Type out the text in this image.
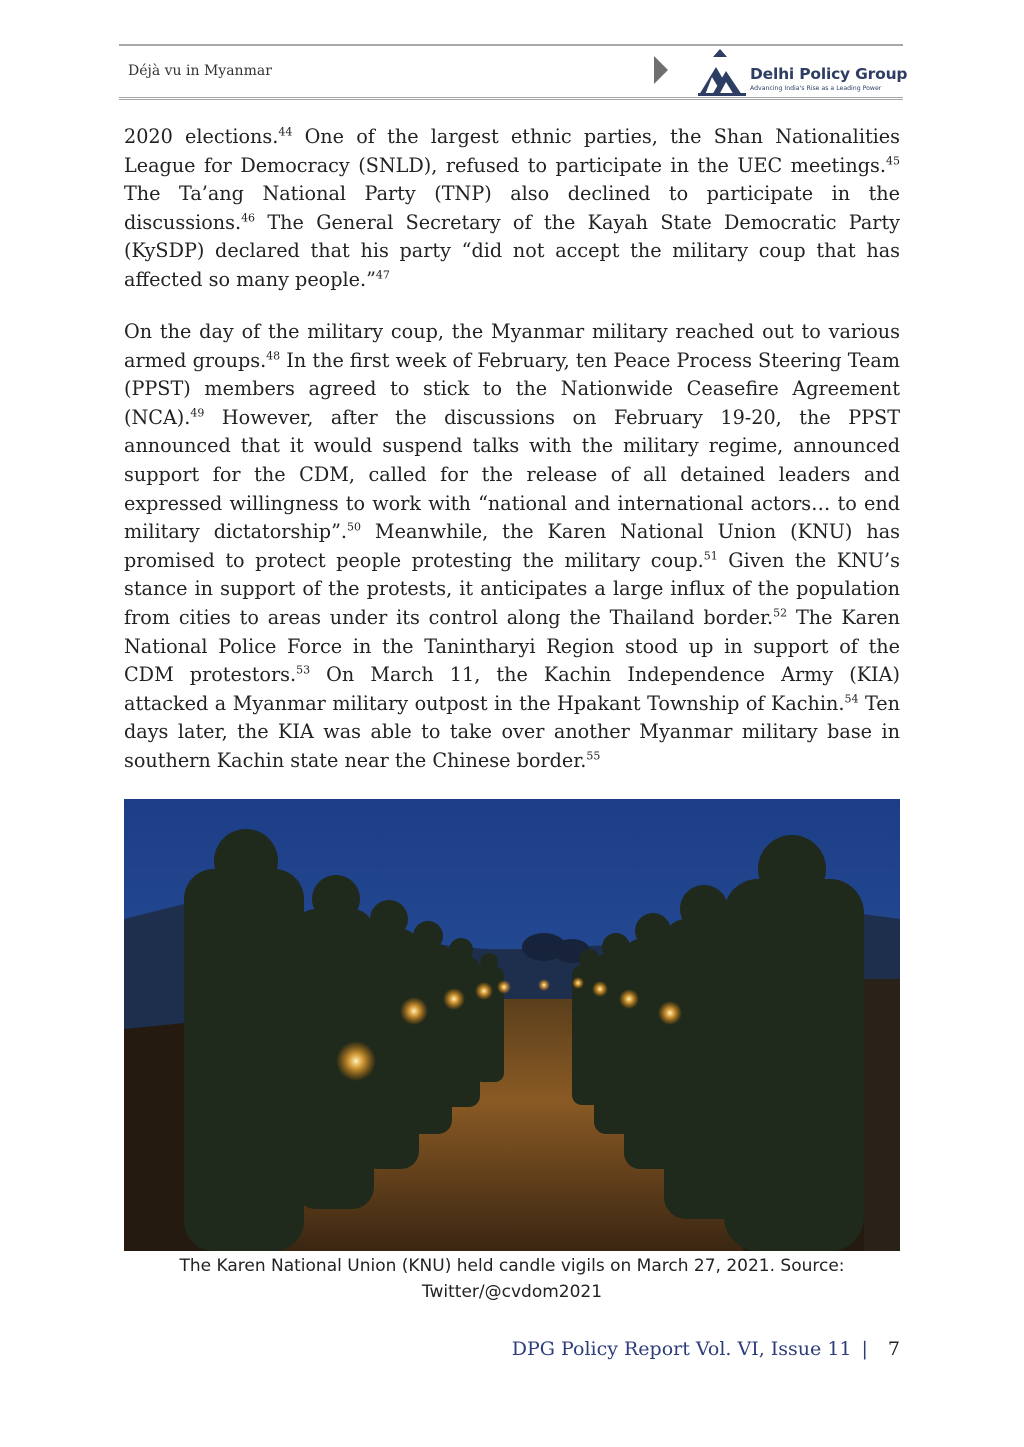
Déjà vu in Myanmar	Delhi Policy Group
Advancing India's Rise as a Leading Power

2020 elections.$^{44}$ One of the largest ethnic parties, the Shan Nationalities League for Democracy (SNLD), refused to participate in the UEC meetings.$^{45}$ The Ta’ang National Party (TNP) also declined to participate in the discussions.$^{46}$ The General Secretary of the Kayah State Democratic Party (KySDP) declared that his party “did not accept the military coup that has affected so many people.”$^{47}$

On the day of the military coup, the Myanmar military reached out to various armed groups.$^{48}$ In the first week of February, ten Peace Process Steering Team (PPST) members agreed to stick to the Nationwide Ceasefire Agreement (NCA).$^{49}$ However, after the discussions on February 19-20, the PPST announced that it would suspend talks with the military regime, announced support for the CDM, called for the release of all detained leaders and expressed willingness to work with “national and international actors… to end military dictatorship”.$^{50}$ Meanwhile, the Karen National Union (KNU) has promised to protect people protesting the military coup.$^{51}$ Given the KNU’s stance in support of the protests, it anticipates a large influx of the population from cities to areas under its control along the Thailand border.$^{52}$ The Karen National Police Force in the Tanintharyi Region stood up in support of the CDM protestors.$^{53}$ On March 11, the Kachin Independence Army (KIA) attacked a Myanmar military outpost in the Hpakant Township of Kachin.$^{54}$ Ten days later, the KIA was able to take over another Myanmar military base in southern Kachin state near the Chinese border.$^{55}$

The Karen National Union (KNU) held candle vigils on March 27, 2021. Source:
Twitter/@cvdom2021
DPG Policy Report Vol. VI, Issue 11 | 7
